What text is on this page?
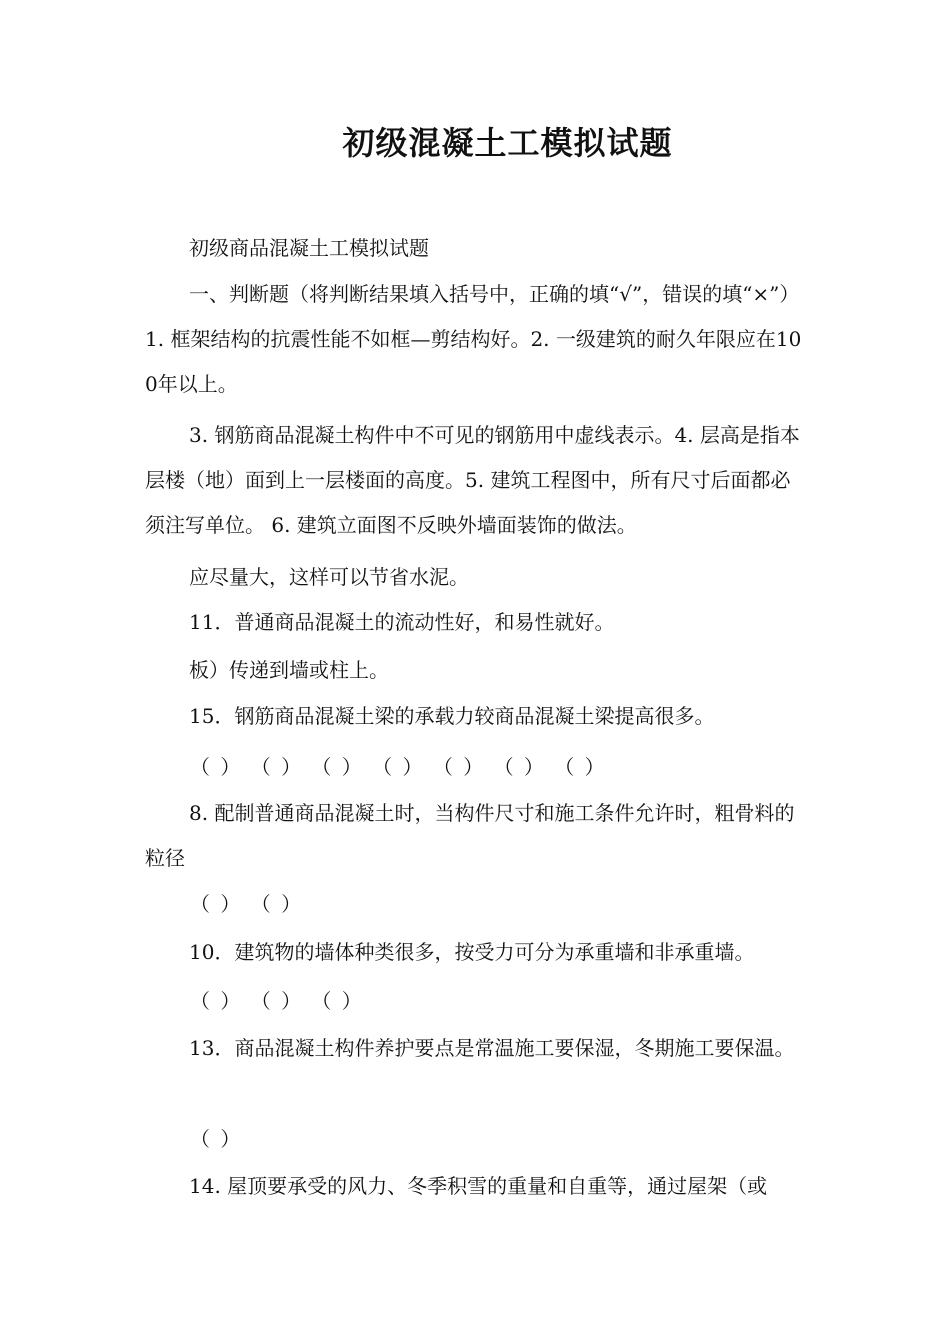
初级混凝土工模拟试题

初级商品混凝土工模拟试题

一、判断题（将判断结果填入括号中，正确的填“√”，错误的填“×”）1. 框架结构的抗震性能不如框—剪结构好。2. 一级建筑的耐久年限应在100年以上。

3. 钢筋商品混凝土构件中不可见的钢筋用中虚线表示。4. 层高是指本层楼（地）面到上一层楼面的高度。5. 建筑工程图中，所有尺寸后面都必须注写单位。 6. 建筑立面图不反映外墙面装饰的做法。

应尽量大，这样可以节省水泥。

11．普通商品混凝土的流动性好，和易性就好。

板）传递到墙或柱上。

15．钢筋商品混凝土梁的承载力较商品混凝土梁提高很多。

（ ） （ ） （ ） （ ） （ ） （ ） （ ）

8. 配制普通商品混凝土时，当构件尺寸和施工条件允许时，粗骨料的粒径

（ ） （ ）

10．建筑物的墙体种类很多，按受力可分为承重墙和非承重墙。

（ ） （ ） （ ）

13．商品混凝土构件养护要点是常温施工要保湿，冬期施工要保温。

（ ）

14. 屋顶要承受的风力、冬季积雪的重量和自重等，通过屋架（或
